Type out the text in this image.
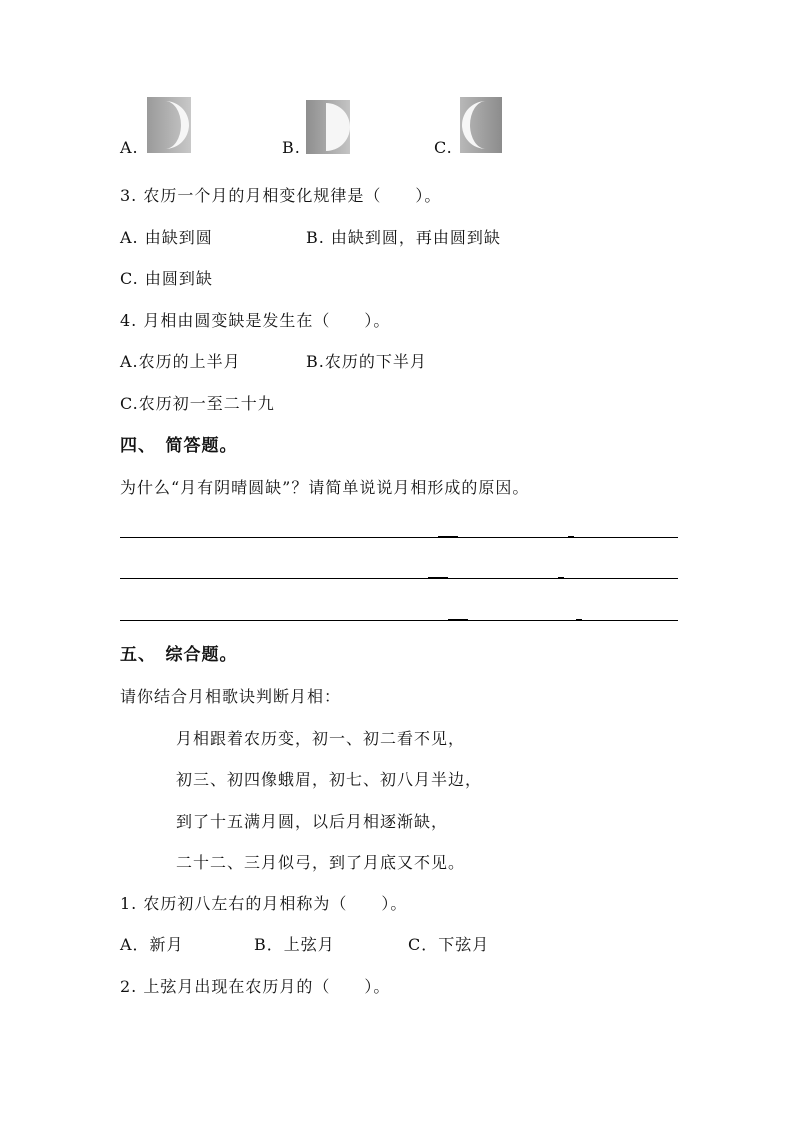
A.	B.	C.
3. 农历一个月的月相变化规律是（　　）。
A. 由缺到圆	B. 由缺到圆，再由圆到缺
C. 由圆到缺
4. 月相由圆变缺是发生在（　　）。
A.农历的上半月	B.农历的下半月
C.农历初一至二十九
四、　简答题。
为什么“月有阴晴圆缺”？请简单说说月相形成的原因。
五、　综合题。
请你结合月相歌诀判断月相：
月相跟着农历变，初一、初二看不见，
初三、初四像蛾眉，初七、初八月半边，
到了十五满月圆，以后月相逐渐缺，
二十二、三月似弓，到了月底又不见。
1. 农历初八左右的月相称为（　　）。
A．新月	B．上弦月	C．下弦月
2. 上弦月出现在农历月的（　　）。
